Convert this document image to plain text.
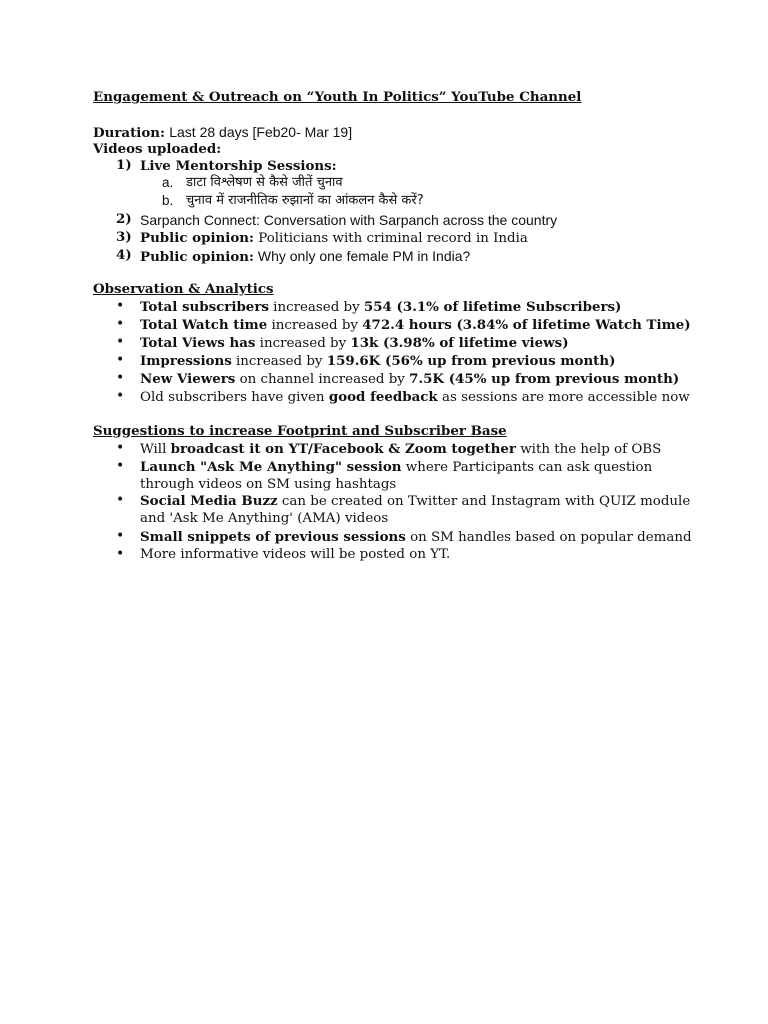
Engagement & Outreach on “Youth In Politics” YouTube Channel
Duration: Last 28 days [Feb20- Mar 19]
Videos uploaded:
1) Live Mentorship Sessions:
a. डाटा विश्लेषण से कैसे जीतें चुनाव
b. चुनाव में राजनीतिक रुझानों का आंकलन कैसे करें?
2) Sarpanch Connect: Conversation with Sarpanch across the country
3) Public opinion: Politicians with criminal record in India
4) Public opinion: Why only one female PM in India?
Observation & Analytics
• Total subscribers increased by 554 (3.1% of lifetime Subscribers)
• Total Watch time increased by 472.4 hours (3.84% of lifetime Watch Time)
• Total Views has increased by 13k (3.98% of lifetime views)
• Impressions increased by 159.6K (56% up from previous month)
• New Viewers on channel increased by 7.5K (45% up from previous month)
• Old subscribers have given good feedback as sessions are more accessible now
Suggestions to increase Footprint and Subscriber Base
• Will broadcast it on YT/Facebook & Zoom together with the help of OBS
• Launch "Ask Me Anything" session where Participants can ask question
through videos on SM using hashtags
• Social Media Buzz can be created on Twitter and Instagram with QUIZ module
and 'Ask Me Anything' (AMA) videos
• Small snippets of previous sessions on SM handles based on popular demand
• More informative videos will be posted on YT.
